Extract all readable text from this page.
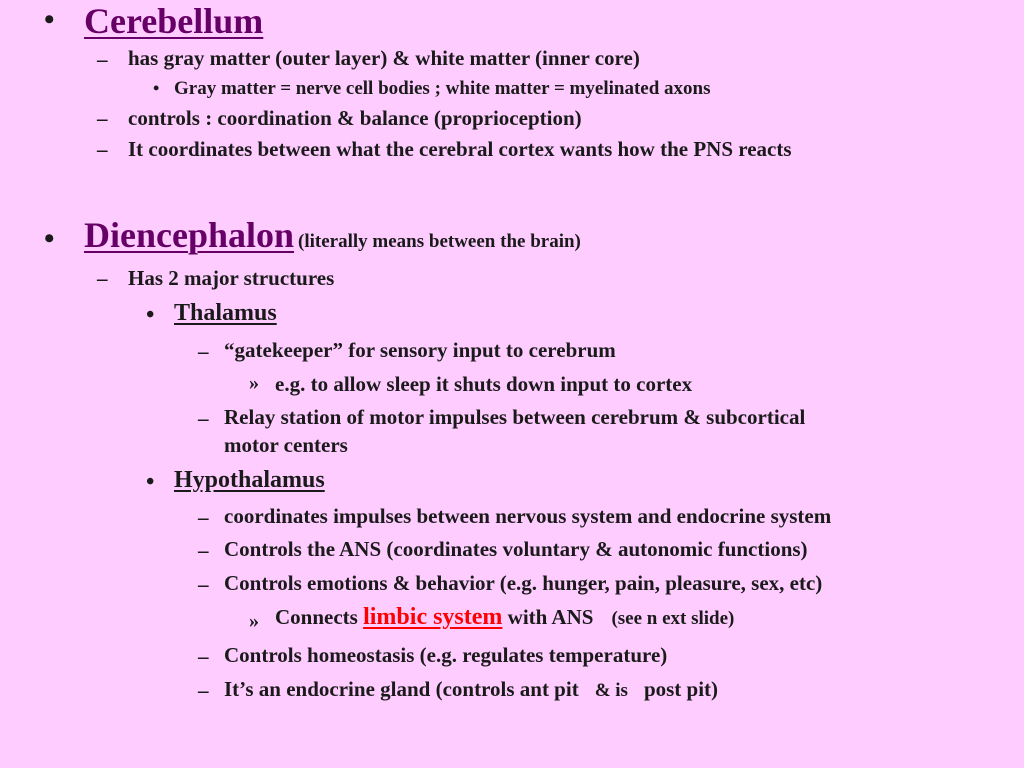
• Cerebellum
– has gray matter (outer layer) & white matter (inner core)
• Gray matter = nerve cell bodies ; white matter = myelinated axons
– controls : coordination & balance (proprioception)
– It coordinates between what the cerebral cortex wants how the PNS reacts
• Diencephalon (literally means between the brain)
– Has 2 major structures
• Thalamus
– “gatekeeper” for sensory input to cerebrum
» e.g. to allow sleep it shuts down input to cortex
– Relay station of motor impulses between cerebrum & subcortical
motor centers
• Hypothalamus
– coordinates impulses between nervous system and endocrine system
– Controls the ANS (coordinates voluntary & autonomic functions)
– Controls emotions & behavior (e.g. hunger, pain, pleasure, sex, etc)
» Connects limbic system with ANS (see n ext slide)
– Controls homeostasis (e.g. regulates temperature)
– It’s an endocrine gland (controls ant pit & is post pit)
